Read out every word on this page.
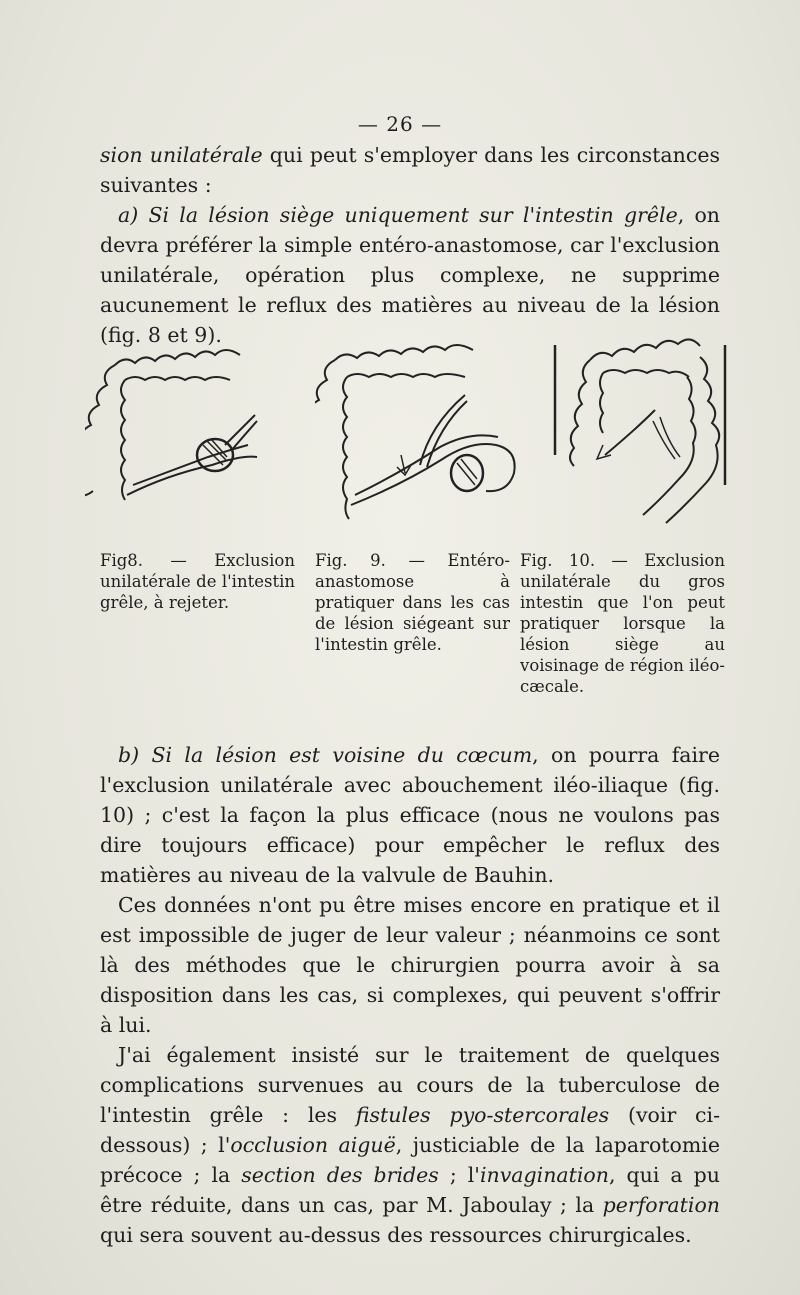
— 26 —

sion unilatérale qui peut s'employer dans les circonstances suivantes :

a) Si la lésion siège uniquement sur l'intestin grêle, on devra préférer la simple entéro-anastomose, car l'exclusion unilatérale, opération plus complexe, ne supprime aucunement le reflux des matières au niveau de la lésion (fig. 8 et 9).

Fig8. — Exclusion unilatérale de l'intestin grêle, à rejeter.
Fig. 9. — Entéro-anastomose à pratiquer dans les cas de lésion siégeant sur l'intestin grêle.
Fig. 10. — Exclusion unilatérale du gros intestin que l'on peut pratiquer lorsque la lésion siège au voisinage de région iléo-cæcale.

b) Si la lésion est voisine du cœcum, on pourra faire l'exclusion unilatérale avec abouchement iléo-iliaque (fig. 10) ; c'est la façon la plus efficace (nous ne voulons pas dire toujours efficace) pour empêcher le reflux des matières au niveau de la valvule de Bauhin.

Ces données n'ont pu être mises encore en pratique et il est impossible de juger de leur valeur ; néanmoins ce sont là des méthodes que le chirurgien pourra avoir à sa disposition dans les cas, si complexes, qui peuvent s'offrir à lui.

J'ai également insisté sur le traitement de quelques complications survenues au cours de la tuberculose de l'intestin grêle : les fistules pyo-stercorales (voir ci-dessous) ; l'occlusion aiguë, justiciable de la laparotomie précoce ; la section des brides ; l'invagination, qui a pu être réduite, dans un cas, par M. Jaboulay ; la perforation qui sera souvent au-dessus des ressources chirurgicales.
